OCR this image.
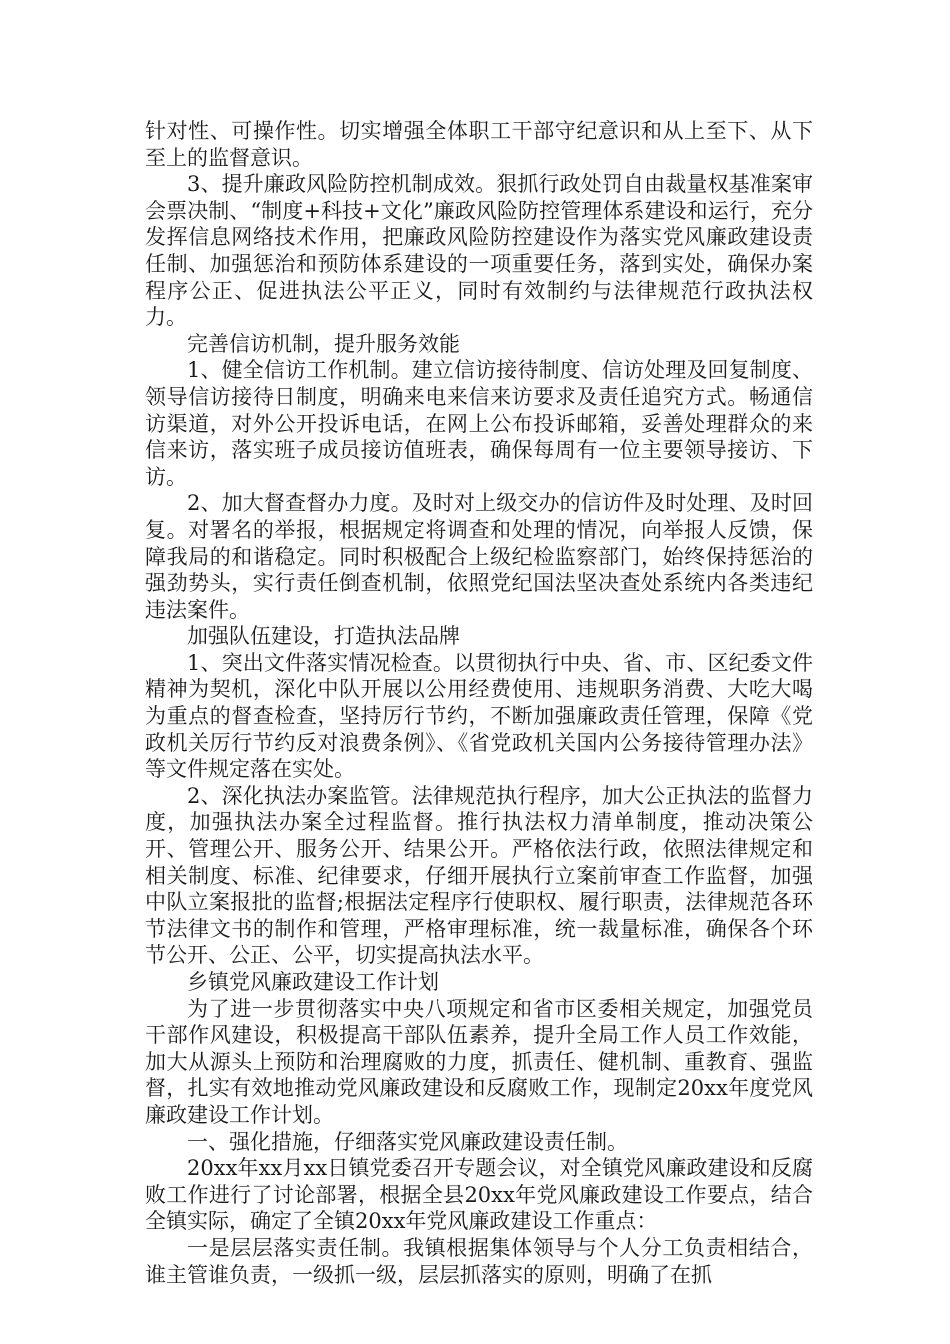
针对性、可操作性。切实增强全体职工干部守纪意识和从上至下、从下至上的监督意识。

3、提升廉政风险防控机制成效。狠抓行政处罚自由裁量权基准案审会票决制、“制度+科技+文化”廉政风险防控管理体系建设和运行，充分发挥信息网络技术作用，把廉政风险防控建设作为落实党风廉政建设责任制、加强惩治和预防体系建设的一项重要任务，落到实处，确保办案程序公正、促进执法公平正义，同时有效制约与法律规范行政执法权力。

完善信访机制，提升服务效能

1、健全信访工作机制。建立信访接待制度、信访处理及回复制度、领导信访接待日制度，明确来电来信来访要求及责任追究方式。畅通信访渠道，对外公开投诉电话，在网上公布投诉邮箱，妥善处理群众的来信来访，落实班子成员接访值班表，确保每周有一位主要领导接访、下访。

2、加大督查督办力度。及时对上级交办的信访件及时处理、及时回复。对署名的举报，根据规定将调查和处理的情况，向举报人反馈，保障我局的和谐稳定。同时积极配合上级纪检监察部门，始终保持惩治的强劲势头，实行责任倒查机制，依照党纪国法坚决查处系统内各类违纪违法案件。

加强队伍建设，打造执法品牌

1、突出文件落实情况检查。以贯彻执行中央、省、市、区纪委文件精神为契机，深化中队开展以公用经费使用、违规职务消费、大吃大喝为重点的督查检查，坚持厉行节约，不断加强廉政责任管理，保障《党政机关厉行节约反对浪费条例》、《省党政机关国内公务接待管理办法》等文件规定落在实处。

2、深化执法办案监管。法律规范执行程序，加大公正执法的监督力度，加强执法办案全过程监督。推行执法权力清单制度，推动决策公开、管理公开、服务公开、结果公开。严格依法行政，依照法律规定和相关制度、标准、纪律要求，仔细开展执行立案前审查工作监督，加强中队立案报批的监督;根据法定程序行使职权、履行职责，法律规范各环节法律文书的制作和管理，严格审理标准，统一裁量标准，确保各个环节公开、公正、公平，切实提高执法水平。

乡镇党风廉政建设工作计划

为了进一步贯彻落实中央八项规定和省市区委相关规定，加强党员干部作风建设，积极提高干部队伍素养，提升全局工作人员工作效能，加大从源头上预防和治理腐败的力度，抓责任、健机制、重教育、强监督，扎实有效地推动党风廉政建设和反腐败工作，现制定20xx年度党风廉政建设工作计划。

一、强化措施，仔细落实党风廉政建设责任制。

20xx年xx月xx日镇党委召开专题会议，对全镇党风廉政建设和反腐败工作进行了讨论部署，根据全县20xx年党风廉政建设工作要点，结合全镇实际，确定了全镇20xx年党风廉政建设工作重点：

一是层层落实责任制。我镇根据集体领导与个人分工负责相结合，谁主管谁负责，一级抓一级，层层抓落实的原则，明确了在抓
